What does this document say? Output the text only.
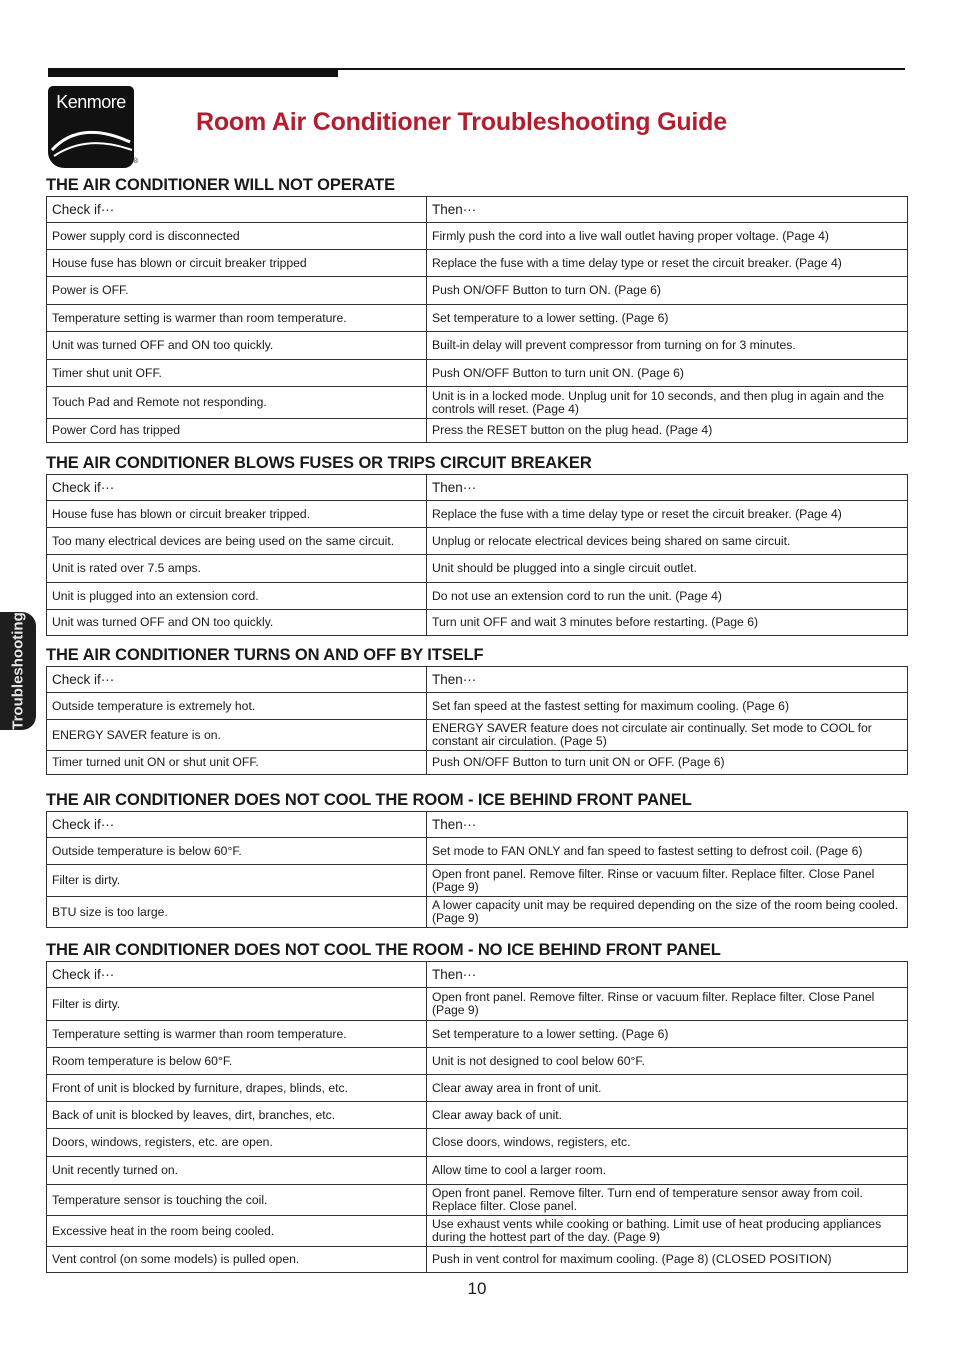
Kenmore
®
Room Air Conditioner Troubleshooting Guide
Troubleshooting
THE AIR CONDITIONER WILL NOT OPERATE
Check if···	Then···
Power supply cord is disconnected	Firmly push the cord into a live wall outlet having proper voltage. (Page 4)
House fuse has blown or circuit breaker tripped	Replace the fuse with a time delay type or reset the circuit breaker. (Page 4)
Power is OFF.	Push ON/OFF Button to turn ON. (Page 6)
Temperature setting is warmer than room temperature.	Set temperature to a lower setting. (Page 6)
Unit was turned OFF and ON too quickly.	Built-in delay will prevent compressor from turning on for 3 minutes.
Timer shut unit OFF.	Push ON/OFF Button to turn unit ON. (Page 6)
Touch Pad and Remote not responding.	Unit is in a locked mode. Unplug unit for 10 seconds, and then plug in again and the controls will reset. (Page 4)
Power Cord has tripped	Press the RESET button on the plug head. (Page 4)
THE AIR CONDITIONER BLOWS FUSES OR TRIPS CIRCUIT BREAKER
Check if···	Then···
House fuse has blown or circuit breaker tripped.	Replace the fuse with a time delay type or reset the circuit breaker. (Page 4)
Too many electrical devices are being used on the same circuit.	Unplug or relocate electrical devices being shared on same circuit.
Unit is rated over 7.5 amps.	Unit should be plugged into a single circuit outlet.
Unit is plugged into an extension cord.	Do not use an extension cord to run the unit. (Page 4)
Unit was turned OFF and ON too quickly.	Turn unit OFF and wait 3 minutes before restarting. (Page 6)
THE AIR CONDITIONER TURNS ON AND OFF BY ITSELF
Check if···	Then···
Outside temperature is extremely hot.	Set fan speed at the fastest setting for maximum cooling. (Page 6)
ENERGY SAVER feature is on.	ENERGY SAVER feature does not circulate air continually. Set mode to COOL for constant air circulation. (Page 5)
Timer turned unit ON or shut unit OFF.	Push ON/OFF Button to turn unit ON or OFF. (Page 6)
THE AIR CONDITIONER DOES NOT COOL THE ROOM - ICE BEHIND FRONT PANEL
Check if···	Then···
Outside temperature is below 60°F.	Set mode to FAN ONLY and fan speed to fastest setting to defrost coil. (Page 6)
Filter is dirty.	Open front panel. Remove filter. Rinse or vacuum filter. Replace filter. Close Panel (Page 9)
BTU size is too large.	A lower capacity unit may be required depending on the size of the room being cooled. (Page 9)
THE AIR CONDITIONER DOES NOT COOL THE ROOM - NO ICE BEHIND FRONT PANEL
Check if···	Then···
Filter is dirty.	Open front panel. Remove filter. Rinse or vacuum filter. Replace filter. Close Panel (Page 9)
Temperature setting is warmer than room temperature.	Set temperature to a lower setting. (Page 6)
Room temperature is below 60°F.	Unit is not designed to cool below 60°F.
Front of unit is blocked by furniture, drapes, blinds, etc.	Clear away area in front of unit.
Back of unit is blocked by leaves, dirt, branches, etc.	Clear away back of unit.
Doors, windows, registers, etc. are open.	Close doors, windows, registers, etc.
Unit recently turned on.	Allow time to cool a larger room.
Temperature sensor is touching the coil.	Open front panel. Remove filter. Turn end of temperature sensor away from coil. Replace filter. Close panel.
Excessive heat in the room being cooled.	Use exhaust vents while cooking or bathing. Limit use of heat producing appliances during the hottest part of the day. (Page 9)
Vent control (on some models) is pulled open.	Push in vent control for maximum cooling. (Page 8) (CLOSED POSITION)
10
